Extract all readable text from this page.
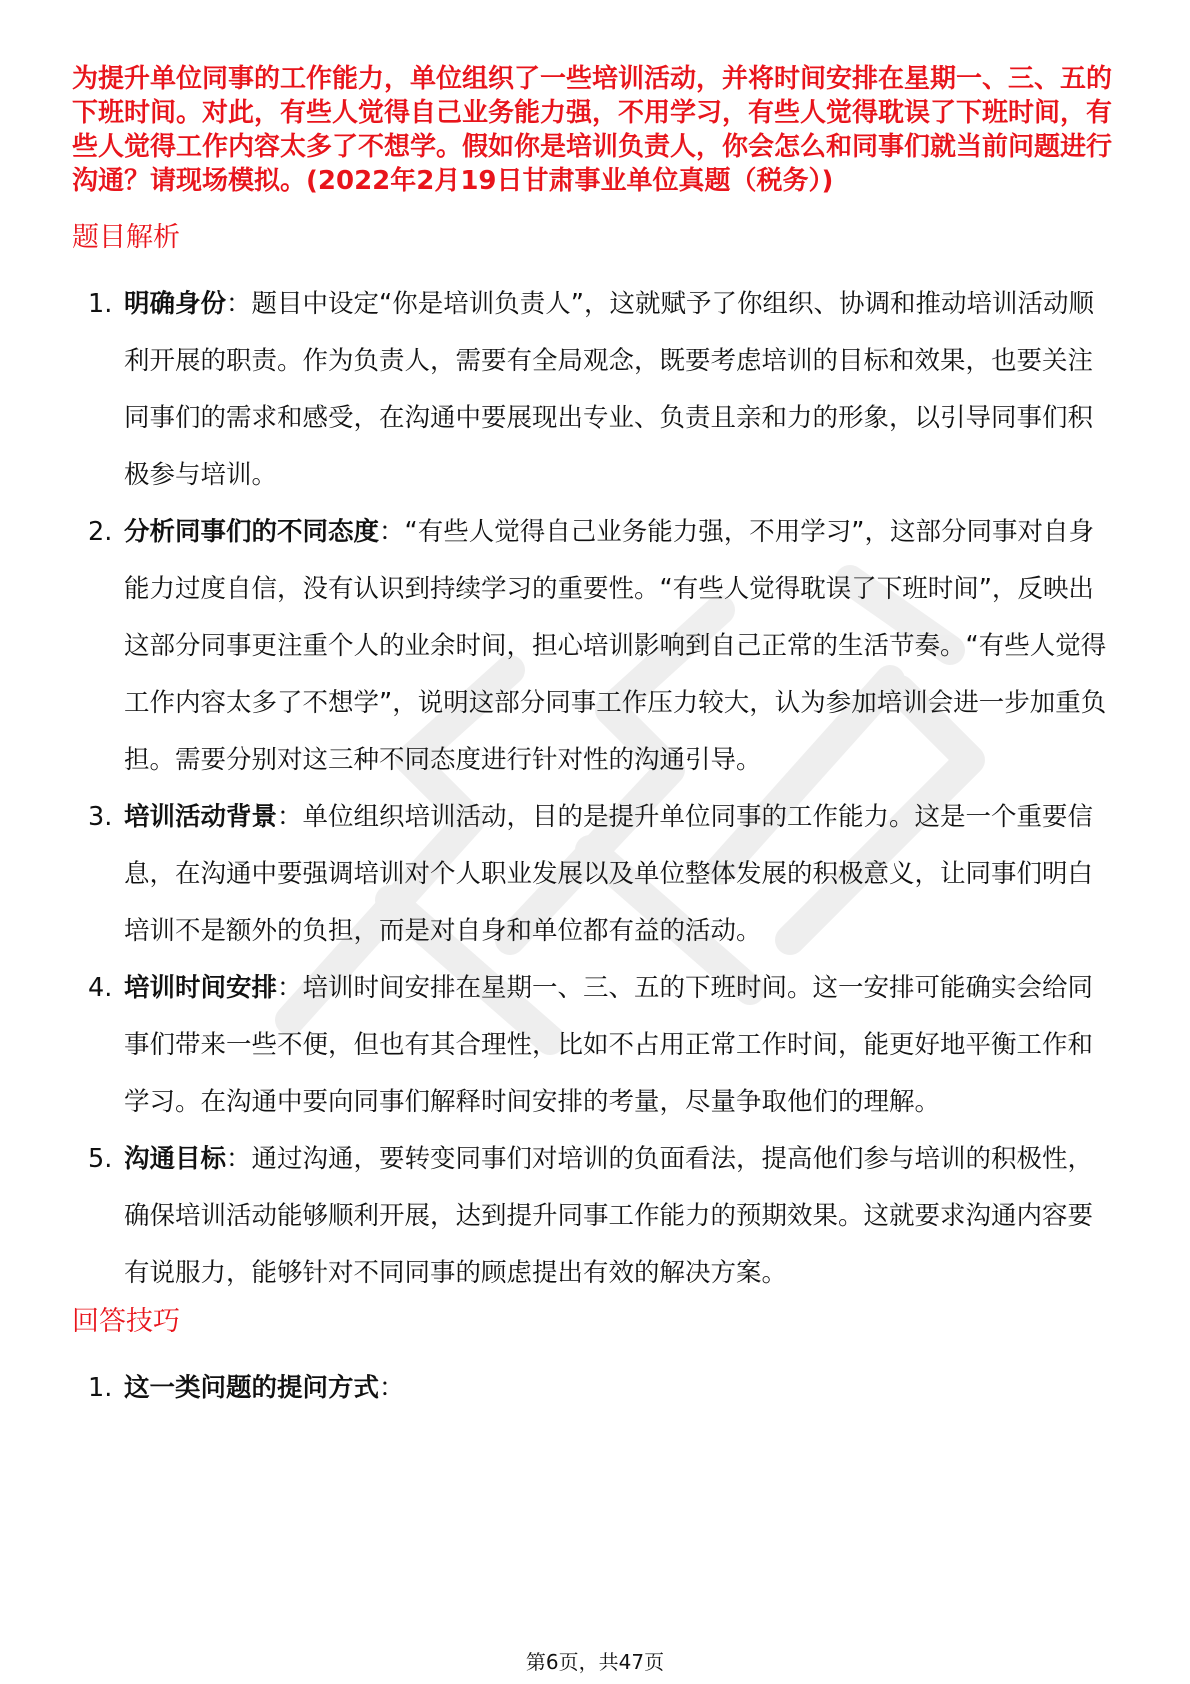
为提升单位同事的工作能力，单位组织了一些培训活动，并将时间安排在星期一、三、五的下班时间。对此，有些人觉得自己业务能力强，不用学习，有些人觉得耽误了下班时间，有些人觉得工作内容太多了不想学。假如你是培训负责人，你会怎么和同事们就当前问题进行沟通？请现场模拟。(2022年2月19日甘肃事业单位真题（税务）)

题目解析
1. 明确身份：题目中设定“你是培训负责人”，这就赋予了你组织、协调和推动培训活动顺利开展的职责。作为负责人，需要有全局观念，既要考虑培训的目标和效果，也要关注同事们的需求和感受，在沟通中要展现出专业、负责且亲和力的形象，以引导同事们积极参与培训。
2. 分析同事们的不同态度：“有些人觉得自己业务能力强，不用学习”，这部分同事对自身能力过度自信，没有认识到持续学习的重要性。“有些人觉得耽误了下班时间”，反映出这部分同事更注重个人的业余时间，担心培训影响到自己正常的生活节奏。“有些人觉得工作内容太多了不想学”，说明这部分同事工作压力较大，认为参加培训会进一步加重负担。需要分别对这三种不同态度进行针对性的沟通引导。
3. 培训活动背景：单位组织培训活动，目的是提升单位同事的工作能力。这是一个重要信息，在沟通中要强调培训对个人职业发展以及单位整体发展的积极意义，让同事们明白培训不是额外的负担，而是对自身和单位都有益的活动。
4. 培训时间安排：培训时间安排在星期一、三、五的下班时间。这一安排可能确实会给同事们带来一些不便，但也有其合理性，比如不占用正常工作时间，能更好地平衡工作和学习。在沟通中要向同事们解释时间安排的考量，尽量争取他们的理解。
5. 沟通目标：通过沟通，要转变同事们对培训的负面看法，提高他们参与培训的积极性，确保培训活动能够顺利开展，达到提升同事工作能力的预期效果。这就要求沟通内容要有说服力，能够针对不同同事的顾虑提出有效的解决方案。
回答技巧
1. 这一类问题的提问方式：
第6页，共47页
